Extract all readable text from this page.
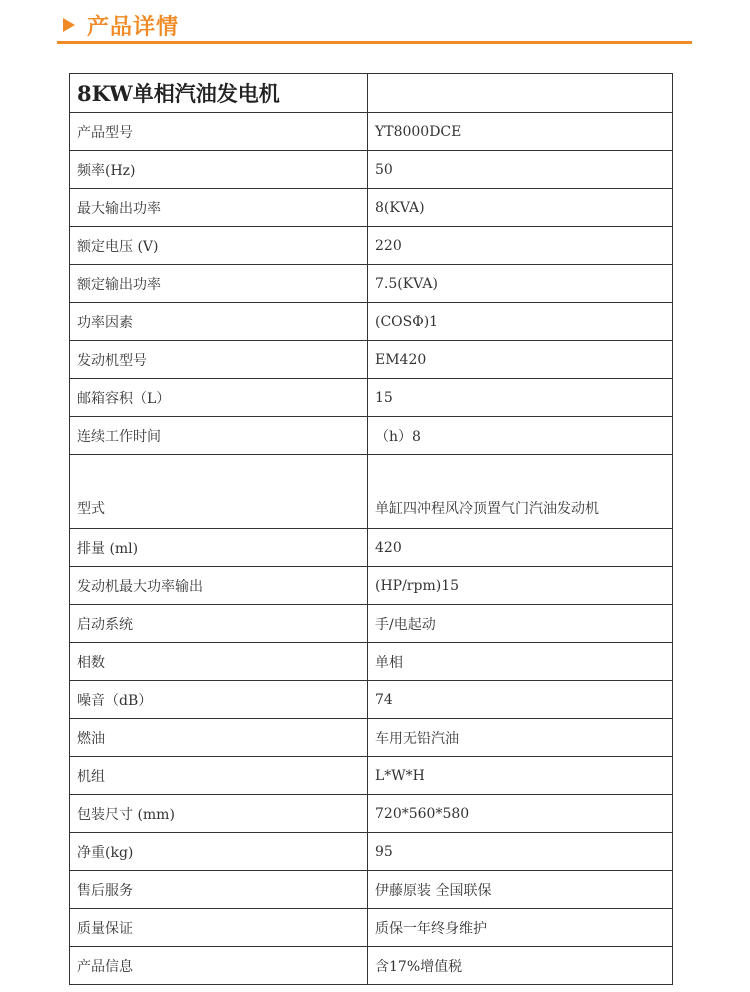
产品详情
8KW单相汽油发电机	
产品型号	YT8000DCE
频率(Hz)	50
最大输出功率	8(KVA)
额定电压 (V)	220
额定输出功率	7.5(KVA)
功率因素	(COSΦ)1
发动机型号	EM420
邮箱容积（L）	15
连续工作时间	（h）8
型式	单缸四冲程风冷顶置气门汽油发动机
排量 (ml)	420
发动机最大功率输出	(HP/rpm)15
启动系统	手/电起动
相数	单相
噪音（dB）	74
燃油	车用无铅汽油
机组	L*W*H
包装尺寸 (mm)	720*560*580
净重(kg)	95
售后服务	伊藤原装 全国联保
质量保证	质保一年终身维护
产品信息	含17%增值税
